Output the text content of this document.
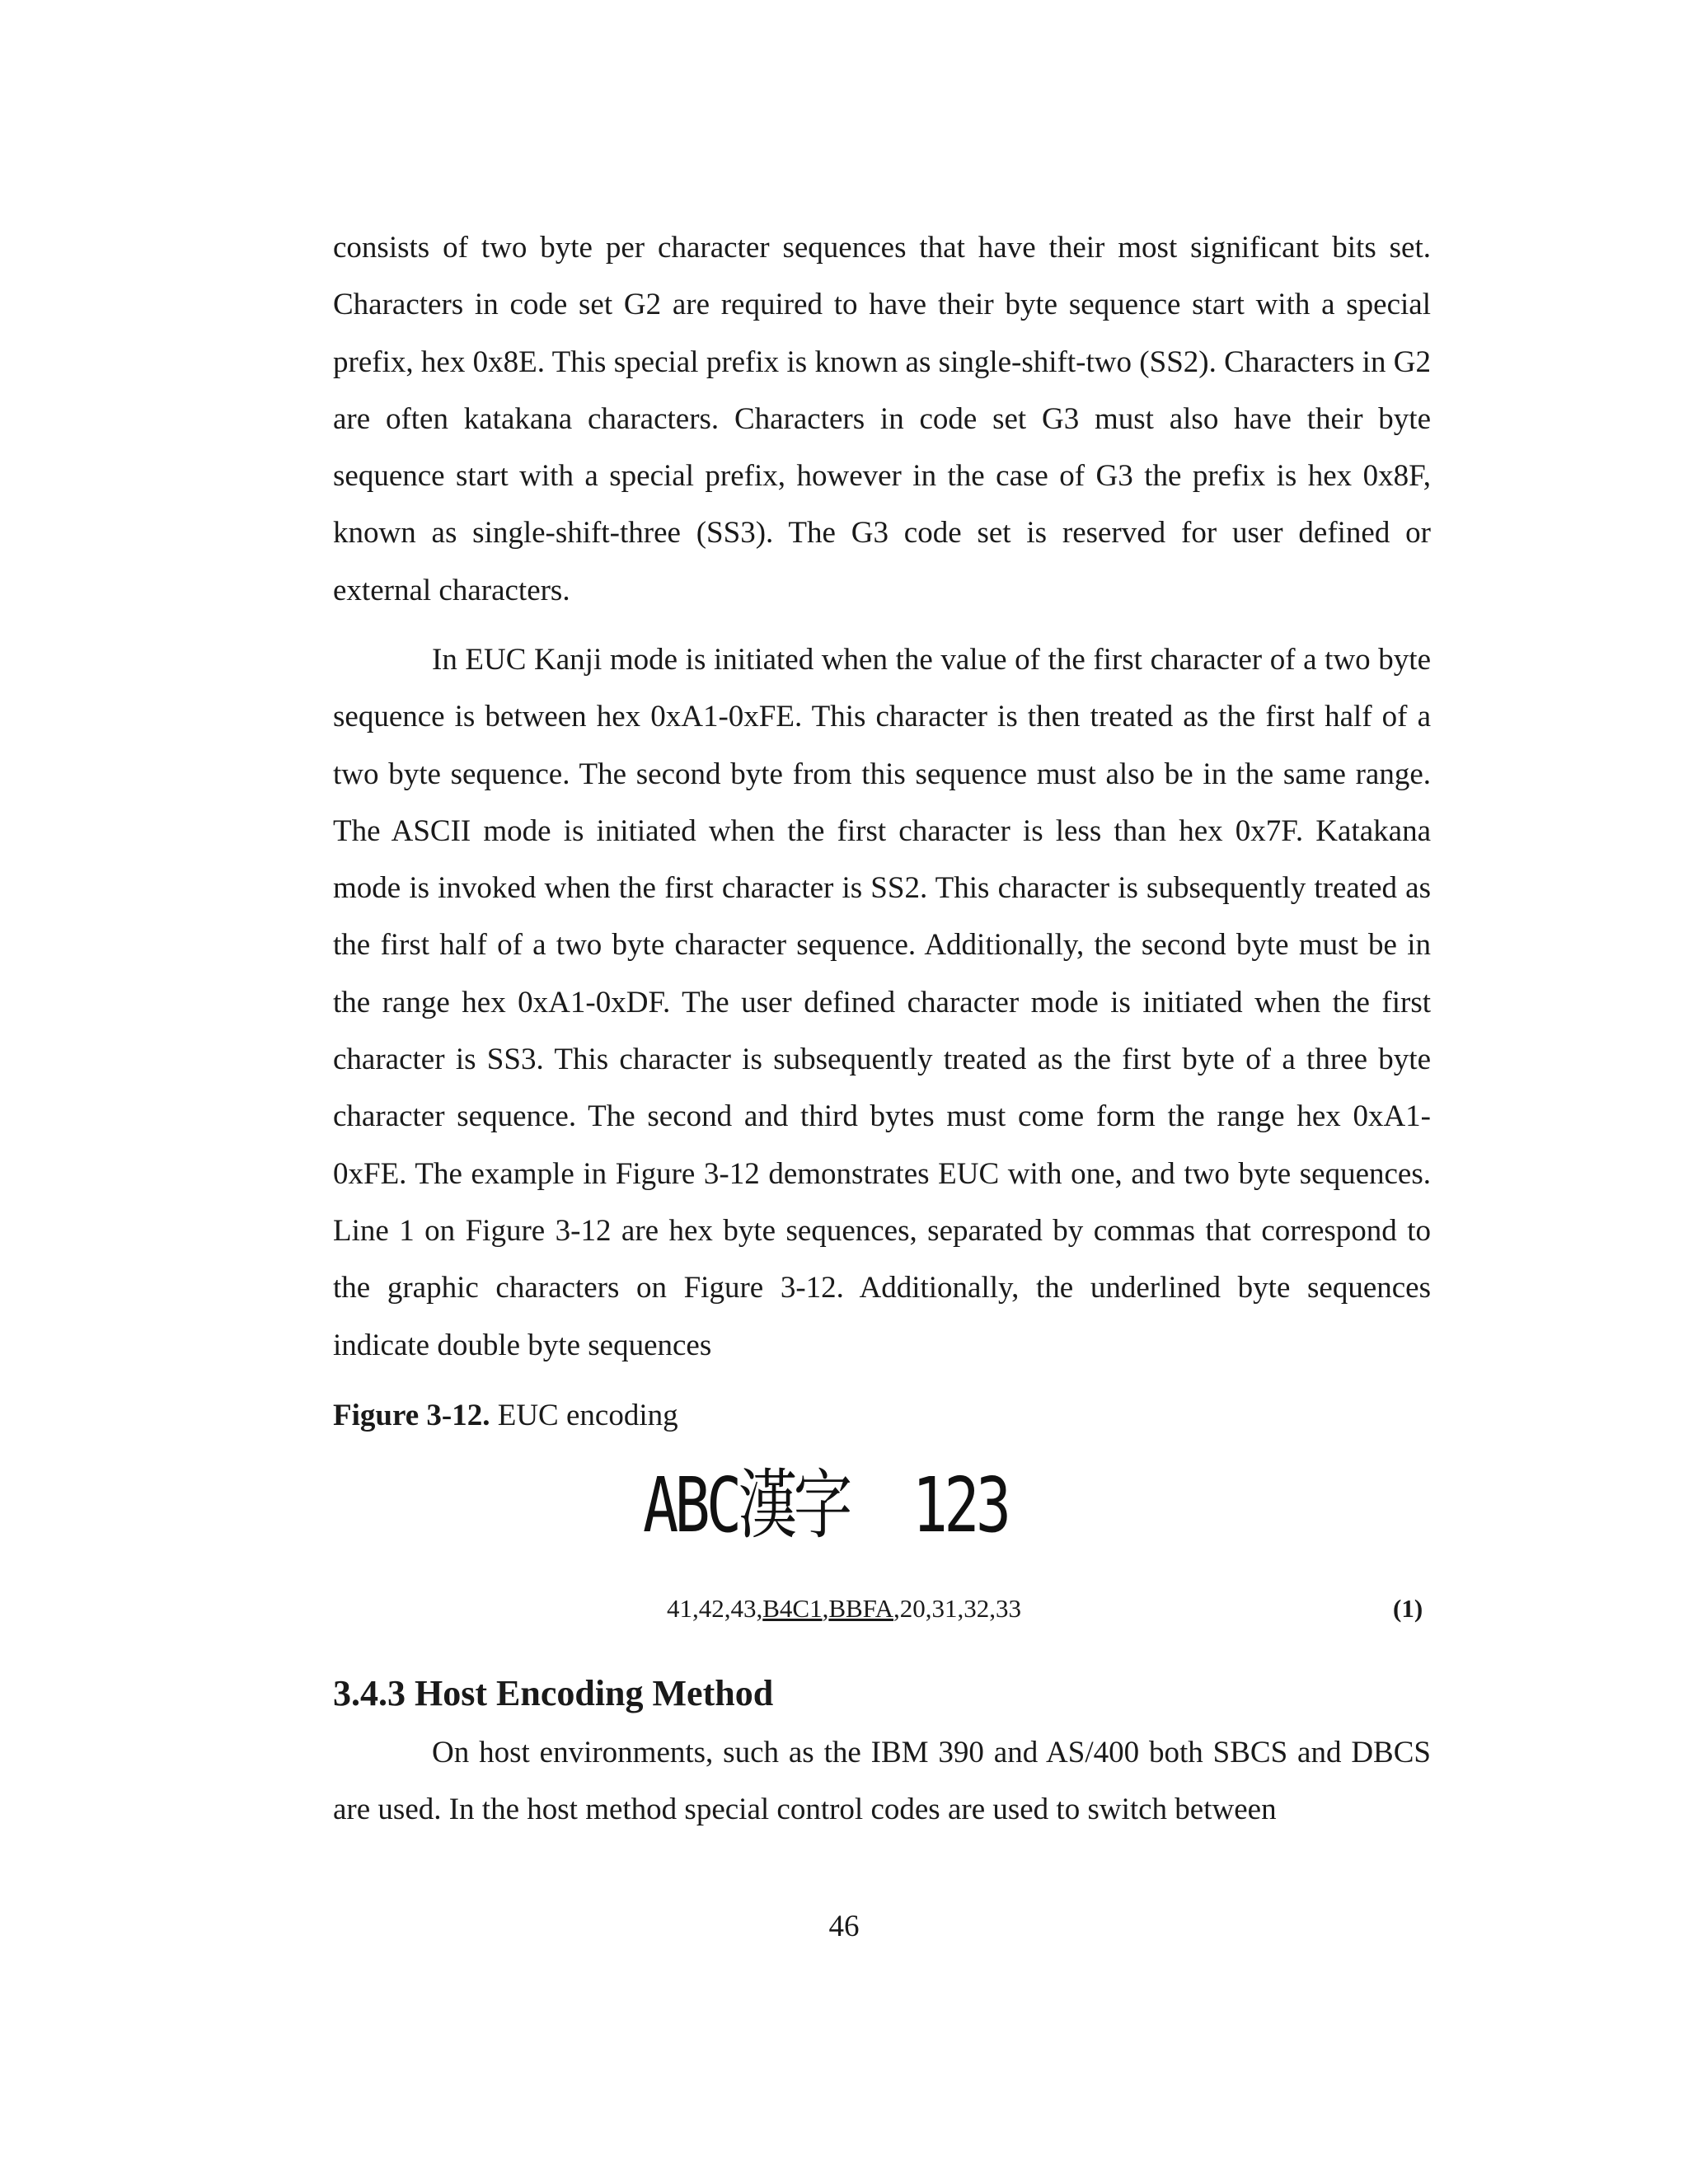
consists of two byte per character sequences that have their most significant bits set. Characters in code set G2 are required to have their byte sequence start with a special prefix, hex 0x8E. This special prefix is known as single-shift-two (SS2). Characters in G2 are often katakana characters. Characters in code set G3 must also have their byte sequence start with a special prefix, however in the case of G3 the prefix is hex 0x8F, known as single-shift-three (SS3). The G3 code set is reserved for user defined or external characters.

In EUC Kanji mode is initiated when the value of the first character of a two byte sequence is between hex 0xA1-0xFE. This character is then treated as the first half of a two byte sequence. The second byte from this sequence must also be in the same range. The ASCII mode is initiated when the first character is less than hex 0x7F. Katakana mode is invoked when the first character is SS2. This character is subsequently treated as the first half of a two byte character sequence. Additionally, the second byte must be in the range hex 0xA1-0xDF. The user defined character mode is initiated when the first character is SS3. This character is subsequently treated as the first byte of a three byte character sequence. The second and third bytes must come form the range hex 0xA1-0xFE. The example in Figure 3-12 demonstrates EUC with one, and two byte sequences. Line 1 on Figure 3-12 are hex byte sequences, separated by commas that correspond to the graphic characters on Figure 3-12. Additionally, the underlined byte sequences indicate double byte sequences

Figure 3-12. EUC encoding

ABC漢字  123
41,42,43,B4C1,BBFA,20,31,32,33	(1)
3.4.3 Host Encoding Method

On host environments, such as the IBM 390 and AS/400 both SBCS and DBCS are used. In the host method special control codes are used to switch between

46
